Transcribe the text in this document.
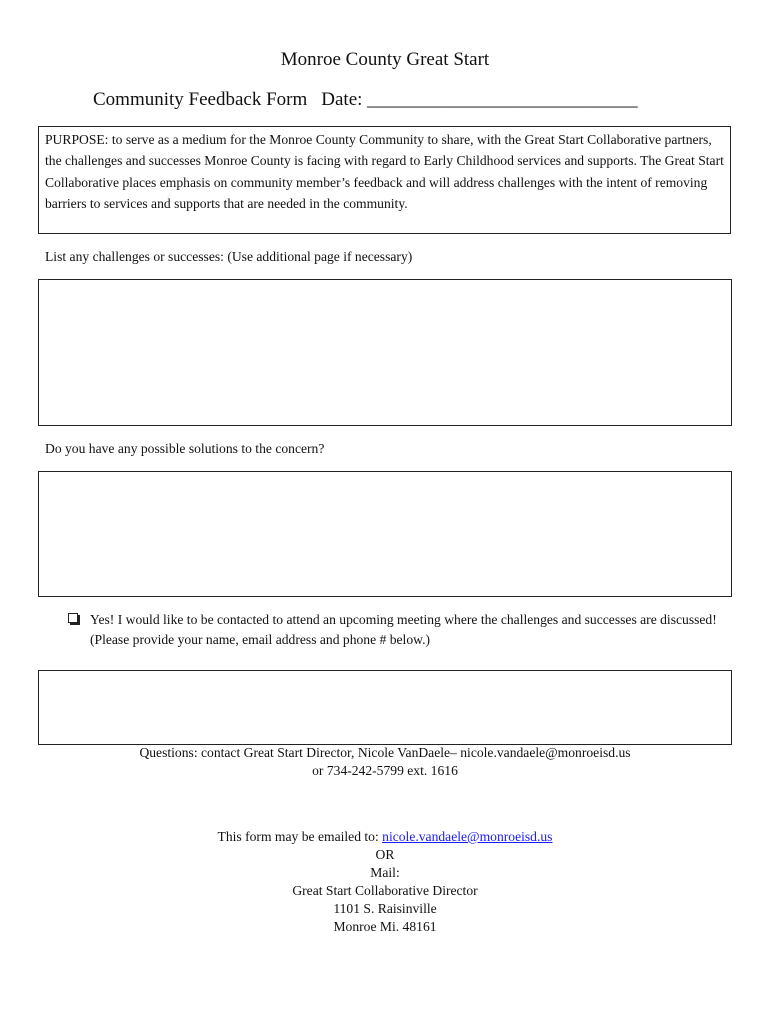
Monroe County Great Start
Community Feedback Form Date: ______________________________
PURPOSE: to serve as a medium for the Monroe County Community to share, with the Great Start Collaborative partners, the challenges and successes Monroe County is facing with regard to Early Childhood services and supports. The Great Start Collaborative places emphasis on community member’s feedback and will address challenges with the intent of removing barriers to services and supports that are needed in the community.
List any challenges or successes: (Use additional page if necessary)
Do you have any possible solutions to the concern?
Yes! I would like to be contacted to attend an upcoming meeting where the challenges and successes are discussed! (Please provide your name, email address and phone # below.)
Questions: contact Great Start Director, Nicole VanDaele– nicole.vandaele@monroeisd.us
or 734-242-5799 ext. 1616
This form may be emailed to: nicole.vandaele@monroeisd.us
OR
Mail:
Great Start Collaborative Director
1101 S. Raisinville
Monroe Mi. 48161
